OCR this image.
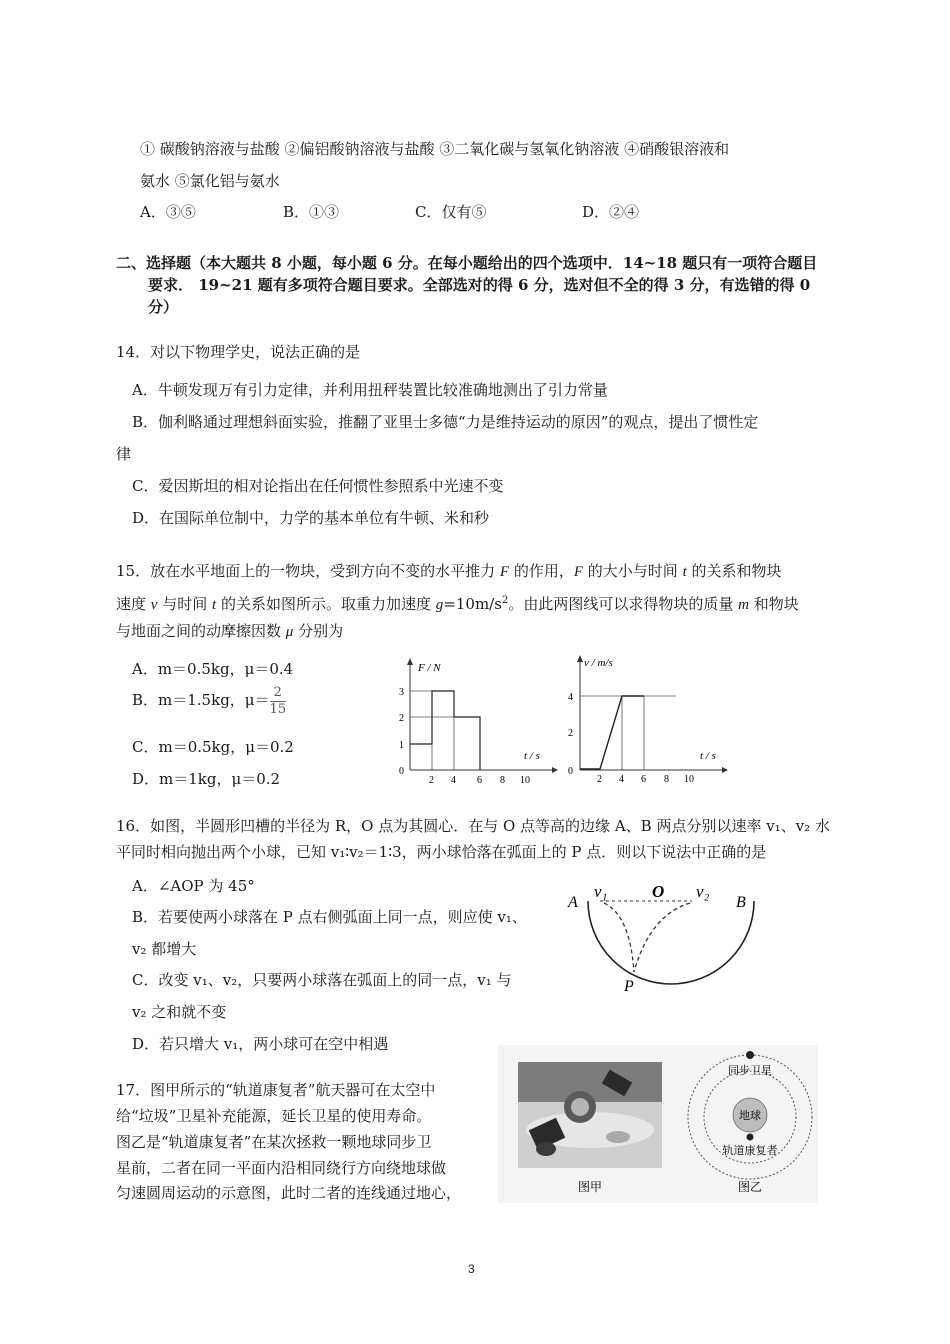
① 碳酸钠溶液与盐酸 ②偏铝酸钠溶液与盐酸 ③二氧化碳与氢氧化钠溶液 ④硝酸银溶液和
氨水 ⑤氯化铝与氨水
A．③⑤	B．①③	C．仅有⑤	D．②④
二、选择题（本大题共 8 小题，每小题 6 分。在每小题给出的四个选项中．14~18 题只有一项符合题目
要求． 19~21 题有多项符合题目要求。全部选对的得 6 分，选对但不全的得 3 分，有选错的得 0
分）
14．对以下物理学史，说法正确的是
A．牛顿发现万有引力定律，并利用扭秤装置比较准确地测出了引力常量
B．伽利略通过理想斜面实验，推翻了亚里士多德“力是维持运动的原因”的观点，提出了惯性定
律
C．爱因斯坦的相对论指出在任何惯性参照系中光速不变
D．在国际单位制中，力学的基本单位有牛顿、米和秒
15．放在水平地面上的一物块，受到方向不变的水平推力 F 的作用，F 的大小与时间 t 的关系和物块
速度 v 与时间 t 的关系如图所示。取重力加速度 $g=10m/s^2$。由此两图线可以求得物块的质量 m 和物块
与地面之间的动摩擦因数 μ 分别为
A．m＝0.5kg，μ＝0.4
B．m＝1.5kg，$\mu= \frac{2}{15}$
C．m＝0.5kg，μ＝0.2
D．m＝1kg，μ＝0.2
F / N
t / s
3
2
1
0
2 4 6 8 10
v / m/s
t / s
4
2
0
2 4 6 8 10
16．如图，半圆形凹槽的半径为 R，O 点为其圆心．在与 O 点等高的边缘 A、B 两点分别以速率 v₁、v₂ 水
平同时相向抛出两个小球，已知 v₁∶v₂＝1∶3，两小球恰落在弧面上的 P 点．则以下说法中正确的是
A．∠AOP 为 45°
B．若要使两小球落在 P 点右侧弧面上同一点，则应使 v₁、
v₂ 都增大
C．改变 v₁、v₂，只要两小球落在弧面上的同一点，v₁ 与
v₂ 之和就不变
D．若只增大 v₁，两小球可在空中相遇
v₁	O v₂
A	B
P
17．图甲所示的“轨道康复者”航天器可在太空中
给“垃圾”卫星补充能源，延长卫星的使用寿命。
图乙是“轨道康复者”在某次拯救一颗地球同步卫
星前，二者在同一平面内沿相同绕行方向绕地球做
匀速圆周运动的示意图，此时二者的连线通过地心，
同步卫星
地球
轨道康复者
图甲	图乙
3
